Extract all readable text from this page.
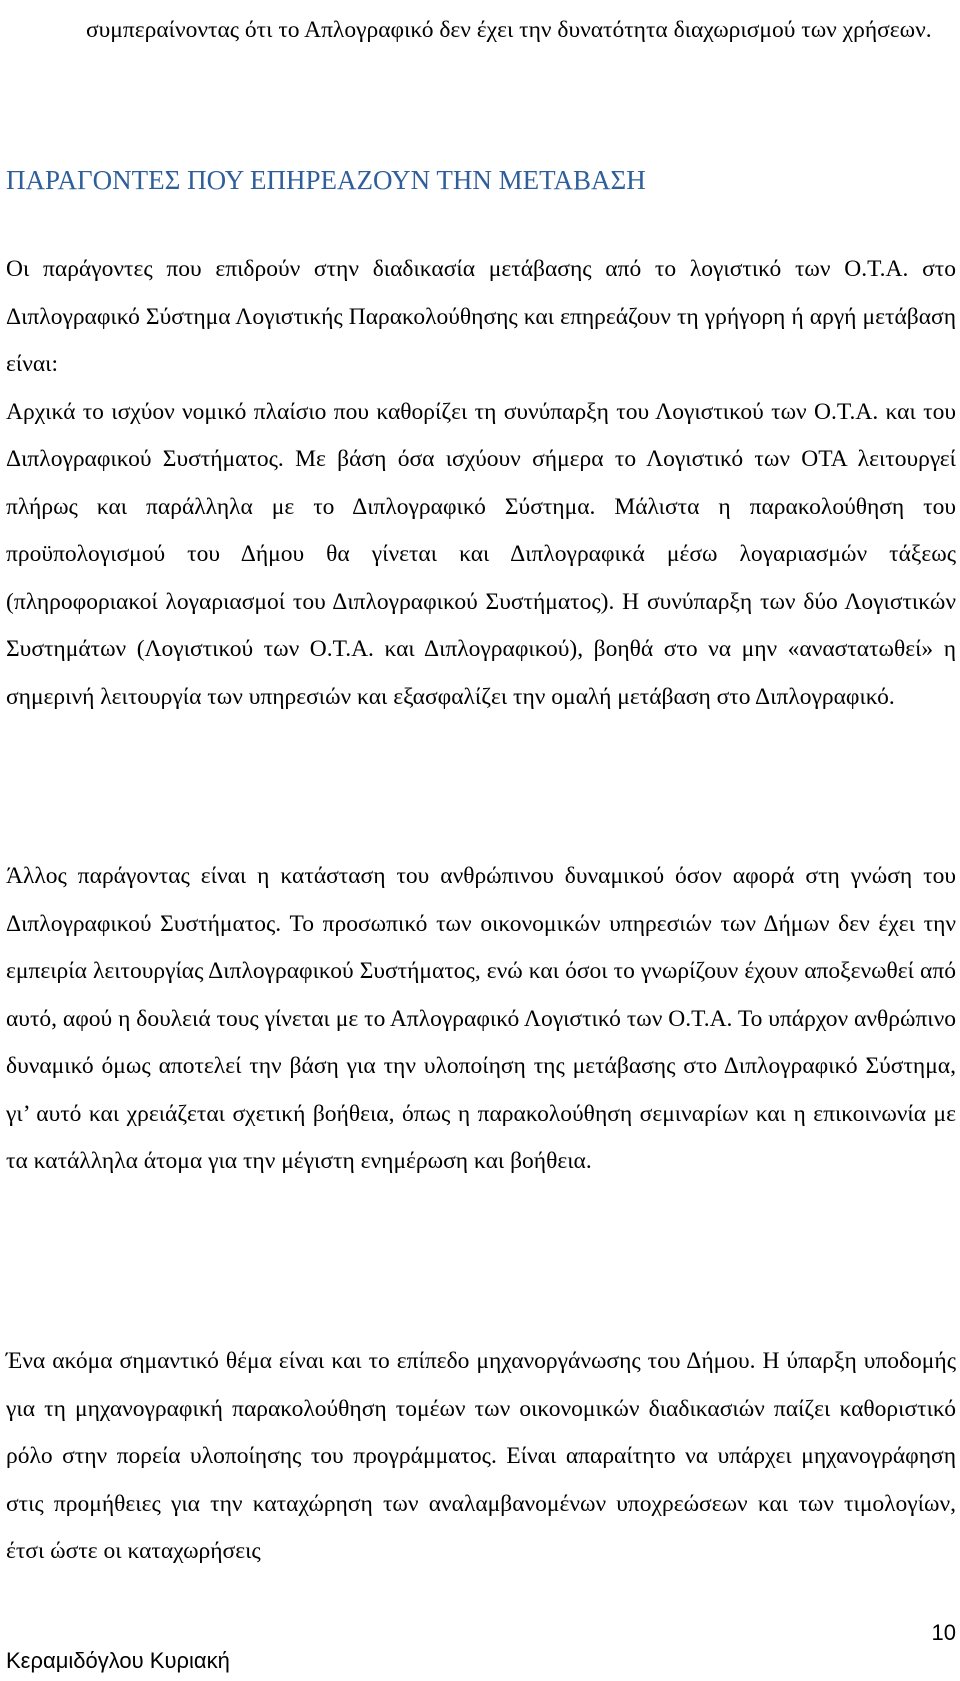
συμπεραίνοντας ότι το Απλογραφικό δεν έχει την δυνατότητα διαχωρισμού των χρήσεων.

ΠΑΡΑΓΟΝΤΕΣ ΠΟΥ ΕΠΗΡΕΑΖΟΥΝ ΤΗΝ ΜΕΤΑΒΑΣΗ

Οι παράγοντες που επιδρούν στην διαδικασία μετάβασης από το λογιστικό των Ο.Τ.Α. στο Διπλογραφικό Σύστημα Λογιστικής Παρακολούθησης και επηρεάζουν τη γρήγορη ή αργή μετάβαση είναι:

Αρχικά το ισχύον νομικό πλαίσιο που καθορίζει τη συνύπαρξη του Λογιστικού των Ο.Τ.Α. και του Διπλογραφικού Συστήματος. Με βάση όσα ισχύουν σήμερα το Λογιστικό των ΟΤΑ λειτουργεί πλήρως και παράλληλα με το Διπλογραφικό Σύστημα. Μάλιστα η παρακολούθηση του προϋπολογισμού του Δήμου θα γίνεται και Διπλογραφικά μέσω λογαριασμών τάξεως (πληροφοριακοί λογαριασμοί του Διπλογραφικού Συστήματος). Η συνύπαρξη των δύο Λογιστικών Συστημάτων (Λογιστικού των Ο.Τ.Α. και Διπλογραφικού), βοηθά στο να μην «αναστατωθεί» η σημερινή λειτουργία των υπηρεσιών και εξασφαλίζει την ομαλή μετάβαση στο Διπλογραφικό.

Άλλος παράγοντας είναι η κατάσταση του ανθρώπινου δυναμικού όσον αφορά στη γνώση του Διπλογραφικού Συστήματος. Το προσωπικό των οικονομικών υπηρεσιών των Δήμων δεν έχει την εμπειρία λειτουργίας Διπλογραφικού Συστήματος, ενώ και όσοι το γνωρίζουν έχουν αποξενωθεί από αυτό, αφού η δουλειά τους γίνεται με το Απλογραφικό Λογιστικό των Ο.Τ.Α. Το υπάρχον ανθρώπινο δυναμικό όμως αποτελεί την βάση για την υλοποίηση της μετάβασης στο Διπλογραφικό Σύστημα, γι’ αυτό και χρειάζεται σχετική βοήθεια, όπως η παρακολούθηση σεμιναρίων και η επικοινωνία με τα κατάλληλα άτομα για την μέγιστη ενημέρωση και βοήθεια.

Ένα ακόμα σημαντικό θέμα είναι και το επίπεδο μηχανοργάνωσης του Δήμου. Η ύπαρξη υποδομής για τη μηχανογραφική παρακολούθηση τομέων των οικονομικών διαδικασιών παίζει καθοριστικό ρόλο στην πορεία υλοποίησης του προγράμματος. Είναι απαραίτητο να υπάρχει μηχανογράφηση στις προμήθειες για την καταχώρηση των αναλαμβανομένων υποχρεώσεων και των τιμολογίων, έτσι ώστε οι καταχωρήσεις

10
Κεραμιδόγλου Κυριακή
